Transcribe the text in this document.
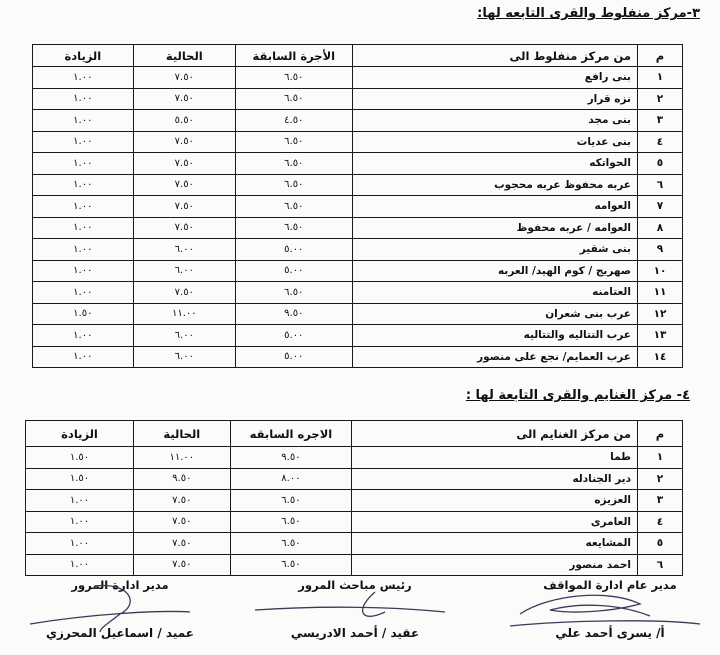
٣-مركز منفلوط والقرى التابعه لها:
م	من مركز منفلوط الى	الأجرة السابقة	الحالية	الزيادة
١	بنى رافع	٦.٥٠	٧.٥٠	١.٠٠
٢	نزه قرار	٦.٥٠	٧.٥٠	١.٠٠
٣	بنى مجد	٤.٥٠	٥.٥٠	١.٠٠
٤	بنى عديات	٦.٥٠	٧.٥٠	١.٠٠
٥	الحواتكه	٦.٥٠	٧.٥٠	١.٠٠
٦	عربه محفوظ عربه محجوب	٦.٥٠	٧.٥٠	١.٠٠
٧	العوامه	٦.٥٠	٧.٥٠	١.٠٠
٨	العوامه / عربه محفوظ	٦.٥٠	٧.٥٠	١.٠٠
٩	بنى شقير	٥.٠٠	٦.٠٠	١.٠٠
١٠	صهريج / كوم الهيد/ العربه	٥.٠٠	٦.٠٠	١.٠٠
١١	العتامنه	٦.٥٠	٧.٥٠	١.٠٠
١٢	عرب بنى شعران	٩.٥٠	١١.٠٠	١.٥٠
١٣	عرب التتاليه والتتاليه	٥.٠٠	٦.٠٠	١.٠٠
١٤	عرب العمايم/ نجع على منصور	٥.٠٠	٦.٠٠	١.٠٠
٤- مركز الغنايم والقرى التابعة لها :
م	من مركز الغنايم الى	الاجره السابقه	الحالية	الزيادة
١	طما	٩.٥٠	١١.٠٠	١.٥٠
٢	دير الجنادله	٨.٠٠	٩.٥٠	١.٥٠
٣	العزيزه	٦.٥٠	٧.٥٠	١.٠٠
٤	العامرى	٦.٥٠	٧.٥٠	١.٠٠
٥	المشايعه	٦.٥٠	٧.٥٠	١.٠٠
٦	احمد منصور	٦.٥٠	٧.٥٠	١.٠٠
مدير عام ادارة المواقف
أ/ يسرى أحمد علي
رئيس مباحث المرور
عقيد / أحمد الادريسي
مدير ادارة المرور
عميد / اسماعيل المحرزي
